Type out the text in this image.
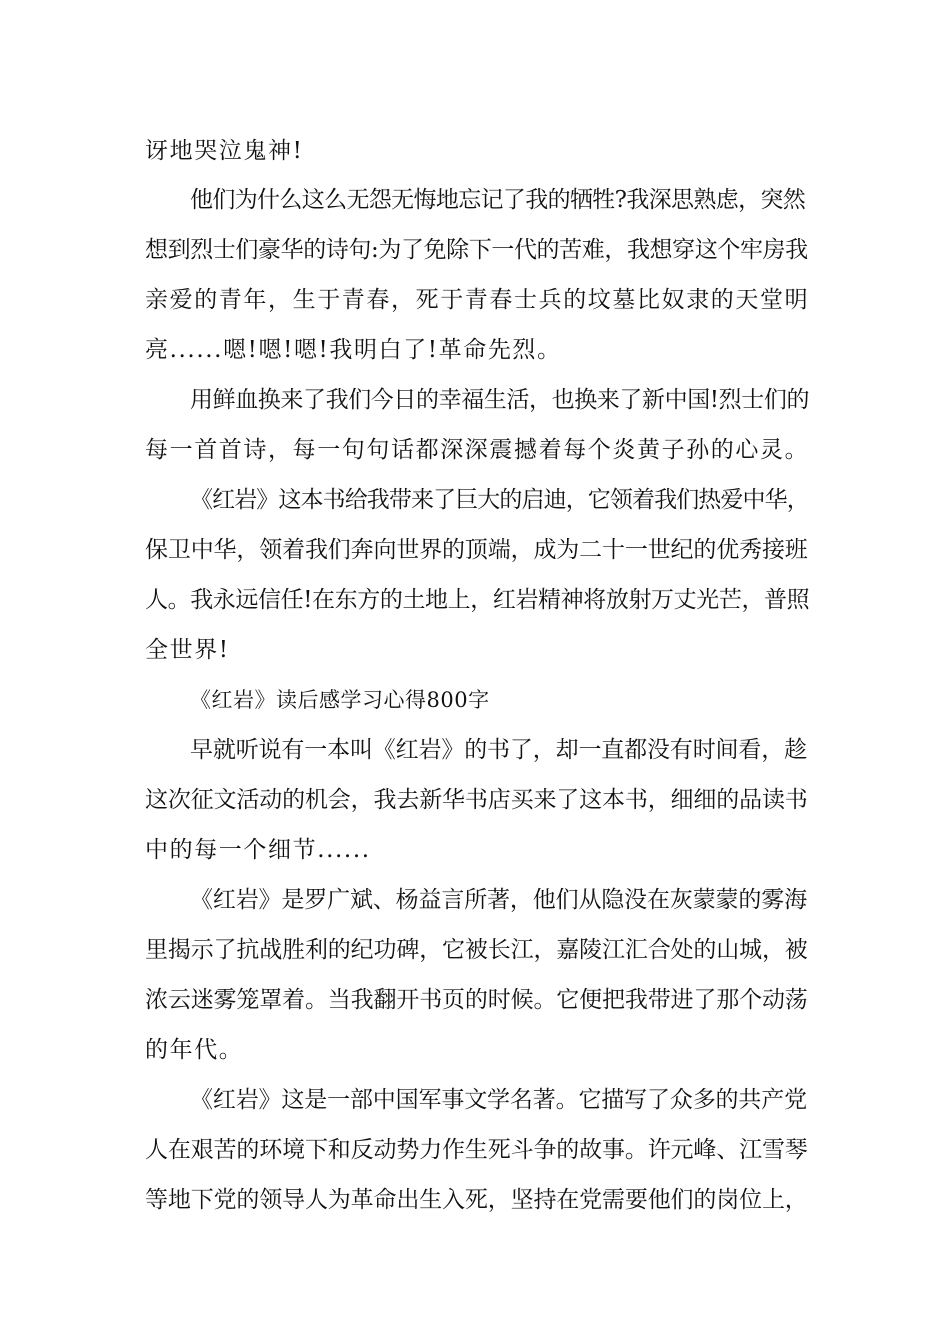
讶地哭泣鬼神!
他们为什么这么无怨无悔地忘记了我的牺牲?我深思熟虑，突然
想到烈士们豪华的诗句:为了免除下一代的苦难，我想穿这个牢房我
亲爱的青年，生于青春，死于青春士兵的坟墓比奴隶的天堂明
亮......嗯!嗯!嗯!我明白了!革命先烈。
用鲜血换来了我们今日的幸福生活，也换来了新中国!烈士们的
每一首首诗，每一句句话都深深震撼着每个炎黄子孙的心灵。
《红岩》这本书给我带来了巨大的启迪，它领着我们热爱中华，
保卫中华，领着我们奔向世界的顶端，成为二十一世纪的优秀接班
人。我永远信任!在东方的土地上，红岩精神将放射万丈光芒，普照
全世界!
《红岩》读后感学习心得800字
早就听说有一本叫《红岩》的书了，却一直都没有时间看，趁
这次征文活动的机会，我去新华书店买来了这本书，细细的品读书
中的每一个细节......
《红岩》是罗广斌、杨益言所著，他们从隐没在灰蒙蒙的雾海
里揭示了抗战胜利的纪功碑，它被长江，嘉陵江汇合处的山城，被
浓云迷雾笼罩着。当我翻开书页的时候。它便把我带进了那个动荡
的年代。
《红岩》这是一部中国军事文学名著。它描写了众多的共产党
人在艰苦的环境下和反动势力作生死斗争的故事。许元峰、江雪琴
等地下党的领导人为革命出生入死，坚持在党需要他们的岗位上，
